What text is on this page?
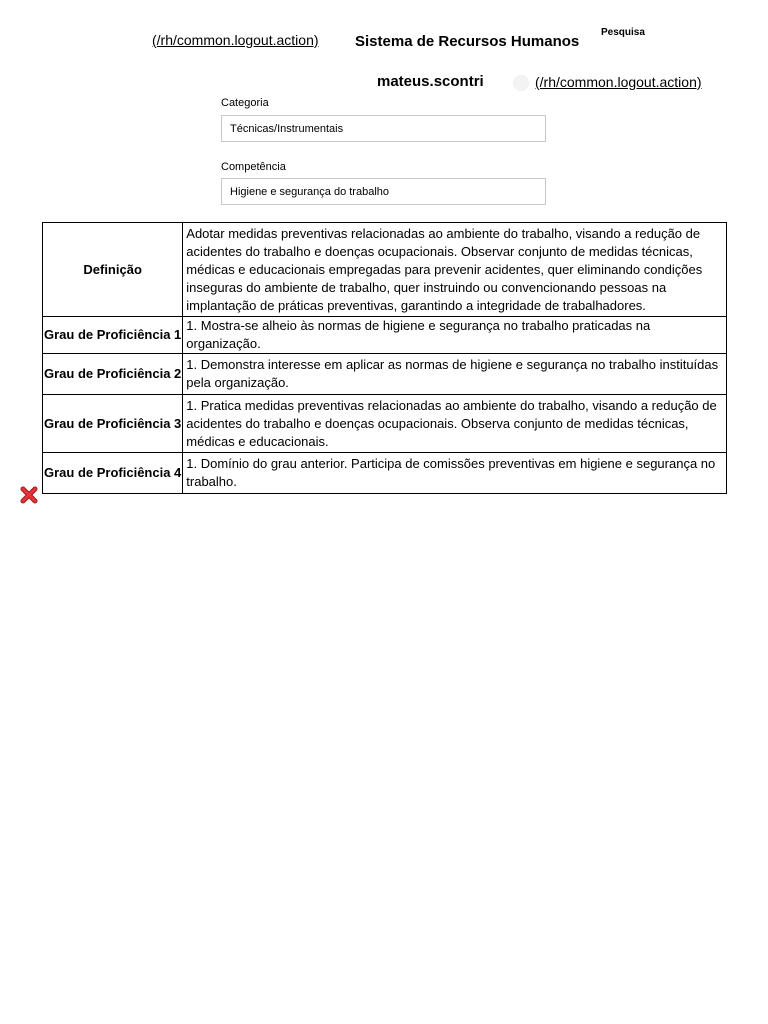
(/rh/common.logout.action) Sistema de Recursos Humanos
Pesquisa
mateus.scontri	(/rh/common.logout.action)
Categoria
Técnicas/Instrumentais
Competência
Higiene e segurança do trabalho
Definição	Adotar medidas preventivas relacionadas ao ambiente do trabalho, visando a redução de acidentes do trabalho e doenças ocupacionais. Observar conjunto de medidas técnicas, médicas e educacionais empregadas para prevenir acidentes, quer eliminando condições inseguras do ambiente de trabalho, quer instruindo ou convencionando pessoas na implantação de práticas preventivas, garantindo a integridade de trabalhadores.
Grau de Proficiência 1	1. Mostra-se alheio às normas de higiene e segurança no trabalho praticadas na organização.
Grau de Proficiência 2	1. Demonstra interesse em aplicar as normas de higiene e segurança no trabalho instituídas pela organização.
Grau de Proficiência 3	1. Pratica medidas preventivas relacionadas ao ambiente do trabalho, visando a redução de acidentes do trabalho e doenças ocupacionais. Observa conjunto de medidas técnicas, médicas e educacionais.
Grau de Proficiência 4	1. Domínio do grau anterior. Participa de comissões preventivas em higiene e segurança no trabalho.
